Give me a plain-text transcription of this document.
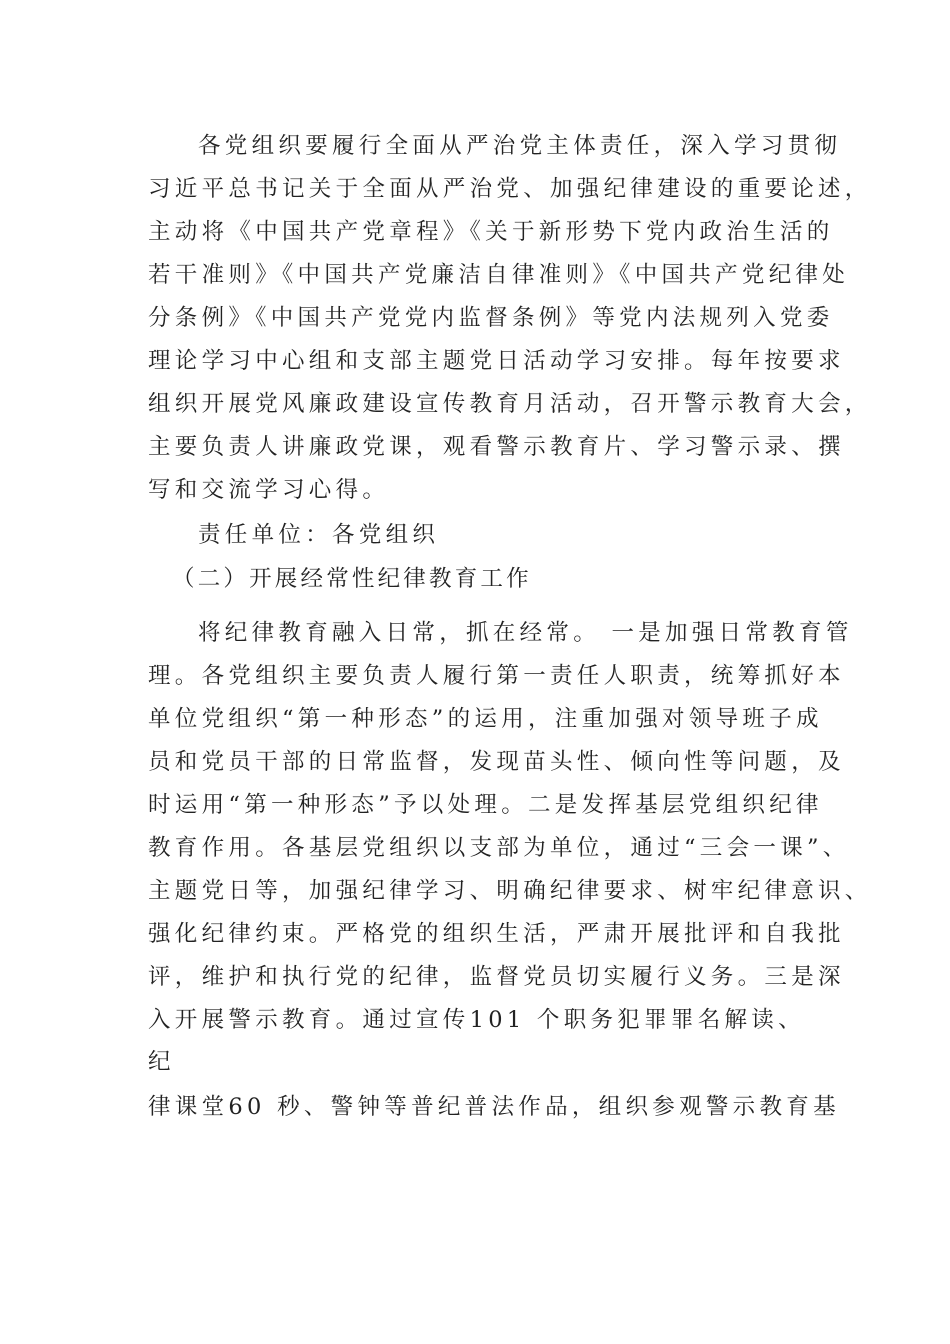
各党组织要履行全面从严治党主体责任，深入学习贯彻
习近平总书记关于全面从严治党、加强纪律建设的重要论述，
主动将《中国共产党章程》《关于新形势下党内政治生活的
若干准则》《中国共产党廉洁自律准则》《中国共产党纪律处
分条例》《中国共产党党内监督条例》等党内法规列入党委
理论学习中心组和支部主题党日活动学习安排。每年按要求
组织开展党风廉政建设宣传教育月活动，召开警示教育大会，
主要负责人讲廉政党课，观看警示教育片、学习警示录、撰
写和交流学习心得。
责任单位：各党组织
（二）开展经常性纪律教育工作
将纪律教育融入日常，抓在经常。 一是加强日常教育管
理。各党组织主要负责人履行第一责任人职责，统筹抓好本
单位党组织“第一种形态”的运用，注重加强对领导班子成
员和党员干部的日常监督，发现苗头性、倾向性等问题，及
时运用“第一种形态”予以处理。二是发挥基层党组织纪律
教育作用。各基层党组织以支部为单位，通过“三会一课”、
主题党日等，加强纪律学习、明确纪律要求、树牢纪律意识、
强化纪律约束。严格党的组织生活，严肃开展批评和自我批
评，维护和执行党的纪律，监督党员切实履行义务。三是深
入开展警示教育。通过宣传101 个职务犯罪罪名解读、
纪
律课堂60 秒、警钟等普纪普法作品，组织参观警示教育基
